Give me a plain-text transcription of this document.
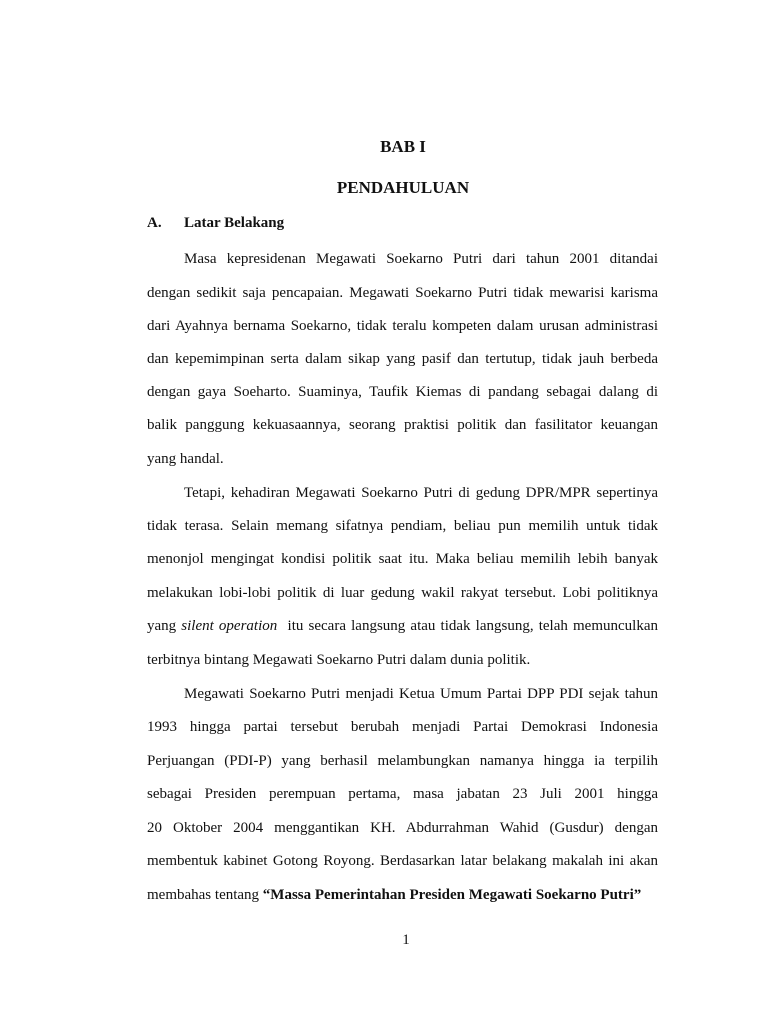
BAB I
PENDAHULUAN
A. Latar Belakang

Masa kepresidenan Megawati Soekarno Putri dari tahun 2001 ditandai

dengan sedikit saja pencapaian. Megawati Soekarno Putri tidak mewarisi karisma

dari Ayahnya bernama Soekarno, tidak teralu kompeten dalam urusan administrasi

dan kepemimpinan serta dalam sikap yang pasif dan tertutup, tidak jauh berbeda

dengan gaya Soeharto. Suaminya, Taufik Kiemas di pandang sebagai dalang di

balik panggung kekuasaannya, seorang praktisi politik dan fasilitator keuangan

yang handal.

Tetapi, kehadiran Megawati Soekarno Putri di gedung DPR/MPR sepertinya

tidak terasa. Selain memang sifatnya pendiam, beliau pun memilih untuk tidak

menonjol mengingat kondisi politik saat itu. Maka beliau memilih lebih banyak

melakukan lobi-lobi politik di luar gedung wakil rakyat tersebut. Lobi politiknya

yang silent operation  itu secara langsung atau tidak langsung, telah memunculkan

terbitnya bintang Megawati Soekarno Putri dalam dunia politik.

Megawati Soekarno Putri menjadi Ketua Umum Partai DPP PDI sejak tahun

1993 hingga partai tersebut berubah menjadi Partai Demokrasi Indonesia

Perjuangan (PDI-P) yang berhasil melambungkan namanya hingga ia terpilih

sebagai Presiden perempuan pertama, masa jabatan 23 Juli 2001 hingga

20 Oktober 2004 menggantikan KH. Abdurrahman Wahid (Gusdur) dengan

membentuk kabinet Gotong Royong. Berdasarkan latar belakang makalah ini akan

membahas tentang “Massa Pemerintahan Presiden Megawati Soekarno Putri”

1
